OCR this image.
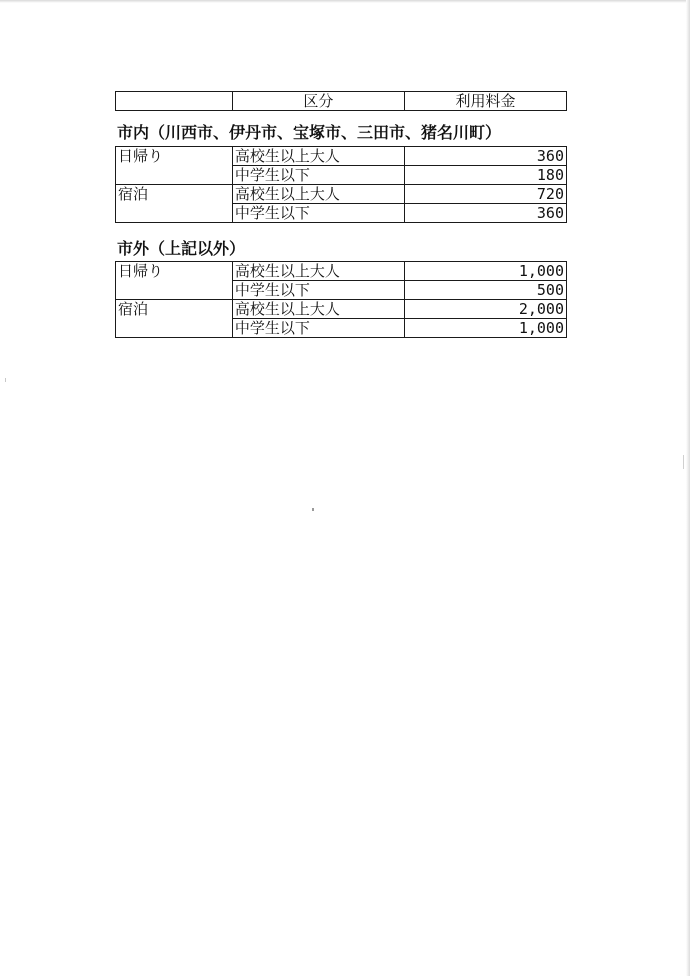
	区分	利用料金
市内（川西市、伊丹市、宝塚市、三田市、猪名川町）
日帰り	高校生以上大人	360
	中学生以下	180
宿泊	高校生以上大人	720
	中学生以下	360
市外（上記以外）
日帰り	高校生以上大人	1,000
	中学生以下	500
宿泊	高校生以上大人	2,000
	中学生以下	1,000
